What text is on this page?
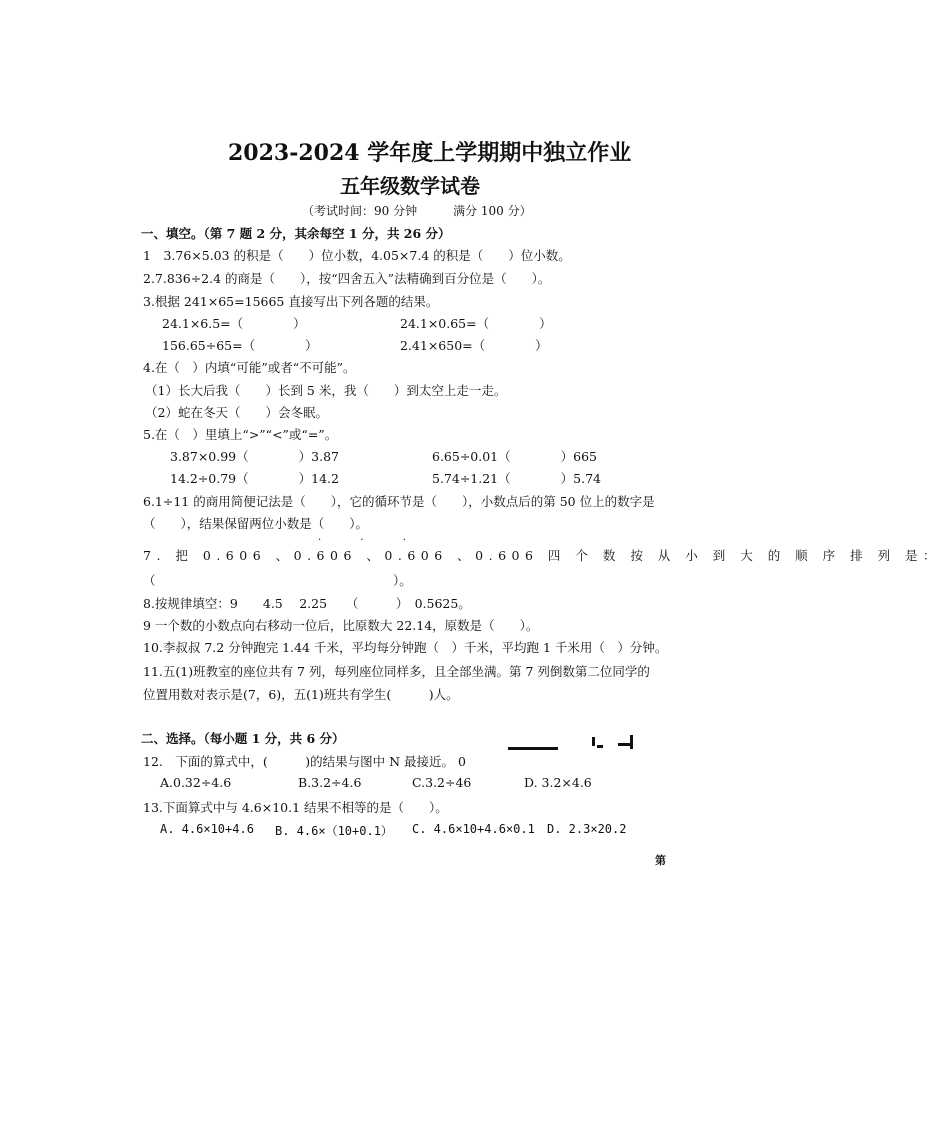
2023-2024 学年度上学期期中独立作业
五年级数学试卷
（考试时间：90 分钟　　　满分 100 分）
一、填空。（第 7 题 2 分，其余每空 1 分，共 26 分）
1　3.76×5.03 的积是（　　）位小数，4.05×7.4 的积是（　　）位小数。
2.7.836÷2.4 的商是（　　），按“四舍五入”法精确到百分位是（　　）。
3.根据 241×65=15665 直接写出下列各题的结果。
24.1×6.5=（　　　　）	24.1×0.65=（　　　　）
156.65÷65=（　　　　）	2.41×650=（　　　　）
4.在（　）内填“可能”或者“不可能”。
（1）长大后我（　　）长到 5 米，我（　　）到太空上走一走。
（2）蛇在冬天（　　）会冬眠。
5.在（　）里填上“>”“<”或“=”。
3.87×0.99（　　　　）3.87	6.65÷0.01（　　　　）665
14.2÷0.79（　　　　）14.2	5.74÷1.21（　　　　）5.74
6.1÷11 的商用简便记法是（　　），它的循环节是（　　），小数点后的第 50 位上的数字是
（　　），结果保留两位小数是（　　）。
· · ·
7. 把 0.606 、0.606 、0.606 、0.606 四 个 数 按 从 小 到 大 的 顺 序 排 列 是：
（　　　　　　　　　　　　　　　　　　　）。
8.按规律填空：9　　4.5　 2.25　　（　　　）　0.5625。
9 一个数的小数点向右移动一位后，比原数大 22.14，原数是（　　）。
10.李叔叔 7.2 分钟跑完 1.44 千米，平均每分钟跑（　）千米，平均跑 1 千米用（　）分钟。
11.五(1)班教室的座位共有 7 列，每列座位同样多，且全部坐满。第 7 列倒数第二位同学的
位置用数对表示是(7，6)，五(1)班共有学生(　　　)人。
二、选择。（每小题 1 分，共 6 分）
12.　下面的算式中，(　　　)的结果与图中 N 最接近。 0
A.0.32÷4.6	B.3.2÷4.6	C.3.2÷46	D. 3.2×4.6
13.下面算式中与 4.6×10.1 结果不相等的是（　　）。
A. 4.6×10+4.6 B. 4.6×（10+0.1） C. 4.6×10+4.6×0.1 D. 2.3×20.2
第
